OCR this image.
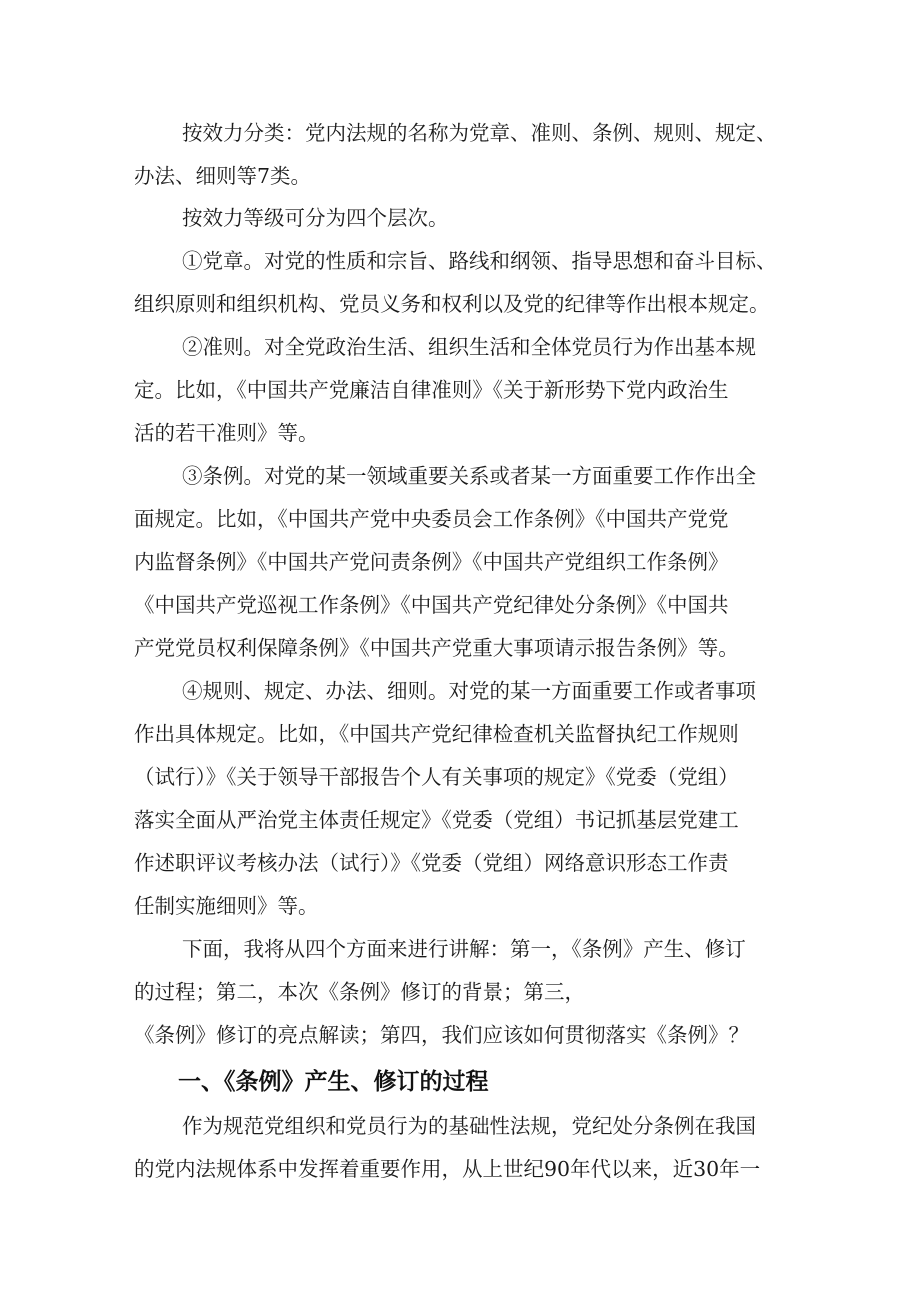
按效力分类：党内法规的名称为党章、准则、条例、规则、规定、
办法、细则等7类。
按效力等级可分为四个层次。
①党章。对党的性质和宗旨、路线和纲领、指导思想和奋斗目标、
组织原则和组织机构、党员义务和权利以及党的纪律等作出根本规定。
②准则。对全党政治生活、组织生活和全体党员行为作出基本规
定。比如，《中国共产党廉洁自律准则》《关于新形势下党内政治生
活的若干准则》等。
③条例。对党的某一领域重要关系或者某一方面重要工作作出全
面规定。比如，《中国共产党中央委员会工作条例》《中国共产党党
内监督条例》《中国共产党问责条例》《中国共产党组织工作条例》
《中国共产党巡视工作条例》《中国共产党纪律处分条例》《中国共
产党党员权利保障条例》《中国共产党重大事项请示报告条例》等。
④规则、规定、办法、细则。对党的某一方面重要工作或者事项
作出具体规定。比如，《中国共产党纪律检查机关监督执纪工作规则
（试行）》《关于领导干部报告个人有关事项的规定》《党委（党组）
落实全面从严治党主体责任规定》《党委（党组）书记抓基层党建工
作述职评议考核办法（试行）》《党委（党组）网络意识形态工作责
任制实施细则》等。
下面，我将从四个方面来进行讲解：第一，《条例》产生、修订
的过程；第二，本次《条例》修订的背景；第三，
《条例》修订的亮点解读；第四，我们应该如何贯彻落实《条例》？
一、《条例》产生、修订的过程
作为规范党组织和党员行为的基础性法规，党纪处分条例在我国
的党内法规体系中发挥着重要作用，从上世纪90年代以来，近30年一
